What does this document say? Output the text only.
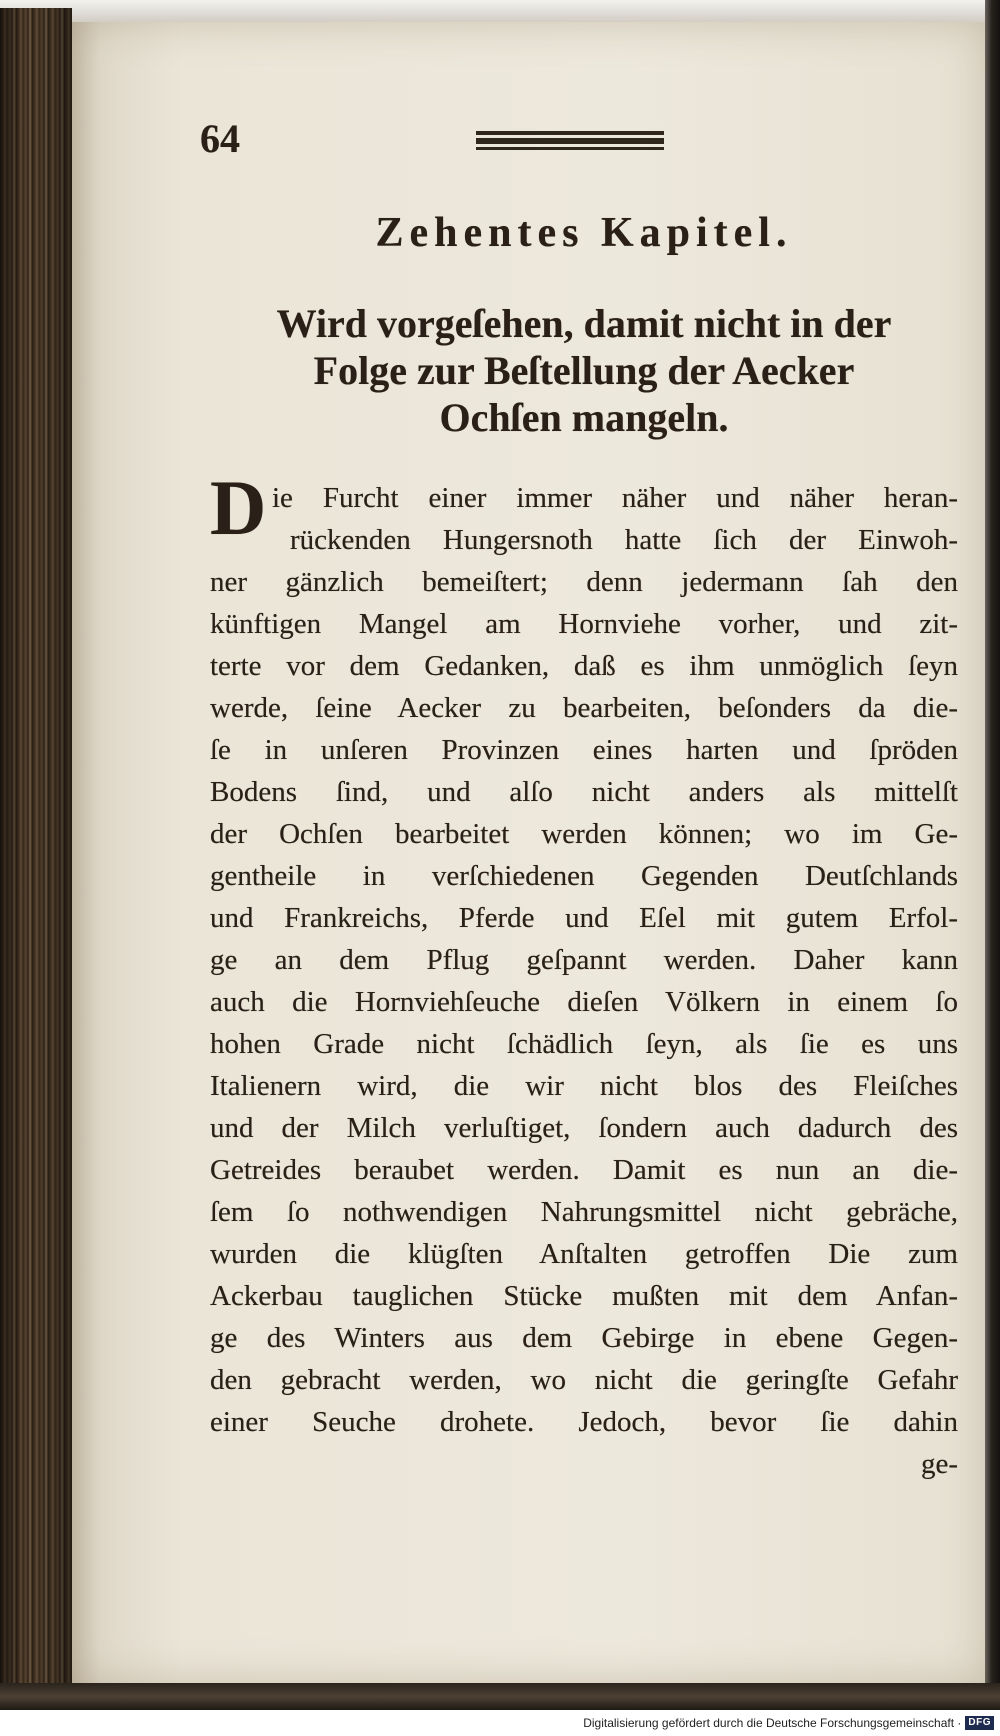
64
Zehentes Kapitel.
Wird vorgeſehen, damit nicht in der
Folge zur Beſtellung der Aecker
Ochſen mangeln.
D ie Furcht einer immer näher und näher heran-
rückenden Hungersnoth hatte ſich der Einwoh-
ner gänzlich bemeiſtert; denn jedermann ſah den
künftigen Mangel am Hornviehe vorher, und zit-
terte vor dem Gedanken, daß es ihm unmöglich ſeyn
werde, ſeine Aecker zu bearbeiten, beſonders da die-
ſe in unſeren Provinzen eines harten und ſpröden
Bodens ſind, und alſo nicht anders als mittelſt
der Ochſen bearbeitet werden können; wo im Ge-
gentheile in verſchiedenen Gegenden Deutſchlands
und Frankreichs, Pferde und Eſel mit gutem Erfol-
ge an dem Pflug geſpannt werden. Daher kann
auch die Hornviehſeuche dieſen Völkern in einem ſo
hohen Grade nicht ſchädlich ſeyn, als ſie es uns
Italienern wird, die wir nicht blos des Fleiſches
und der Milch verluſtiget, ſondern auch dadurch des
Getreides beraubet werden. Damit es nun an die-
ſem ſo nothwendigen Nahrungsmittel nicht gebräche,
wurden die klügſten Anſtalten getroffen Die zum
Ackerbau tauglichen Stücke mußten mit dem Anfan-
ge des Winters aus dem Gebirge in ebene Gegen-
den gebracht werden, wo nicht die geringſte Gefahr
einer Seuche drohete. Jedoch, bevor ſie dahin
ge-
Digitalisierung gefördert durch die Deutsche Forschungsgemeinschaft · DFG
